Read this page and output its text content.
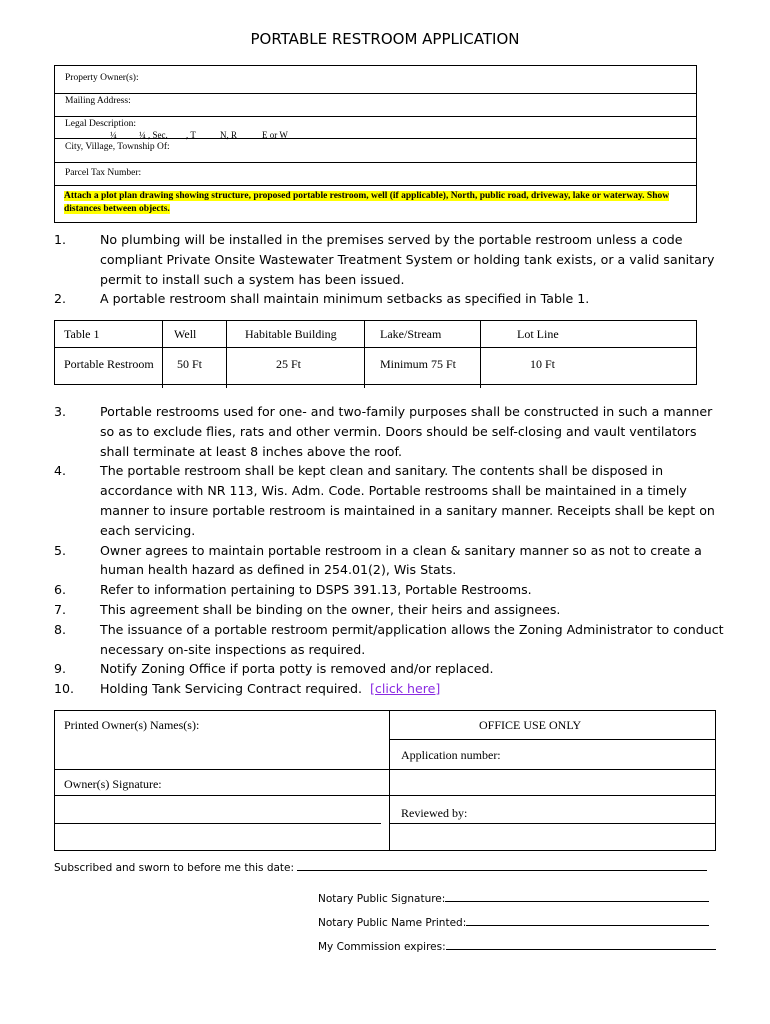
PORTABLE RESTROOM APPLICATION
Property Owner(s):
Mailing Address:
Legal Description:
¼ ¼ , Sec. , T	N, R	E or W
City, Village, Township Of:
Parcel Tax Number:
Attach a plot plan drawing showing structure, proposed portable restroom, well (if applicable), North, public road, driveway, lake or waterway. Show distances between objects.
1.	No plumbing will be installed in the premises served by the portable restroom unless a code compliant Private Onsite Wastewater Treatment System or holding tank exists, or a valid sanitary permit to install such a system has been issued.
2.	A portable restroom shall maintain minimum setbacks as specified in Table 1.
Table 1	Well	Habitable Building	Lake/Stream	Lot Line
Portable Restroom 50 Ft	25 Ft	Minimum 75 Ft	10 Ft
3.	Portable restrooms used for one- and two-family purposes shall be constructed in such a manner so as to exclude flies, rats and other vermin. Doors should be self-closing and vault ventilators shall terminate at least 8 inches above the roof.
4.	The portable restroom shall be kept clean and sanitary. The contents shall be disposed in accordance with NR 113, Wis. Adm. Code. Portable restrooms shall be maintained in a timely manner to insure portable restroom is maintained in a sanitary manner. Receipts shall be kept on each servicing.
5.	Owner agrees to maintain portable restroom in a clean & sanitary manner so as not to create a human health hazard as defined in 254.01(2), Wis Stats.
6.	Refer to information pertaining to DSPS 391.13, Portable Restrooms.
7.	This agreement shall be binding on the owner, their heirs and assignees.
8.	The issuance of a portable restroom permit/application allows the Zoning Administrator to conduct necessary on-site inspections as required.
9.	Notify Zoning Office if porta potty is removed and/or replaced.
10. Holding Tank Servicing Contract required. [click here]
Printed Owner(s) Names(s):	OFFICE USE ONLY
Application number:
Owner(s) Signature:
Reviewed by:
Subscribed and sworn to before me this date:
Notary Public Signature:
Notary Public Name Printed:
My Commission expires:
